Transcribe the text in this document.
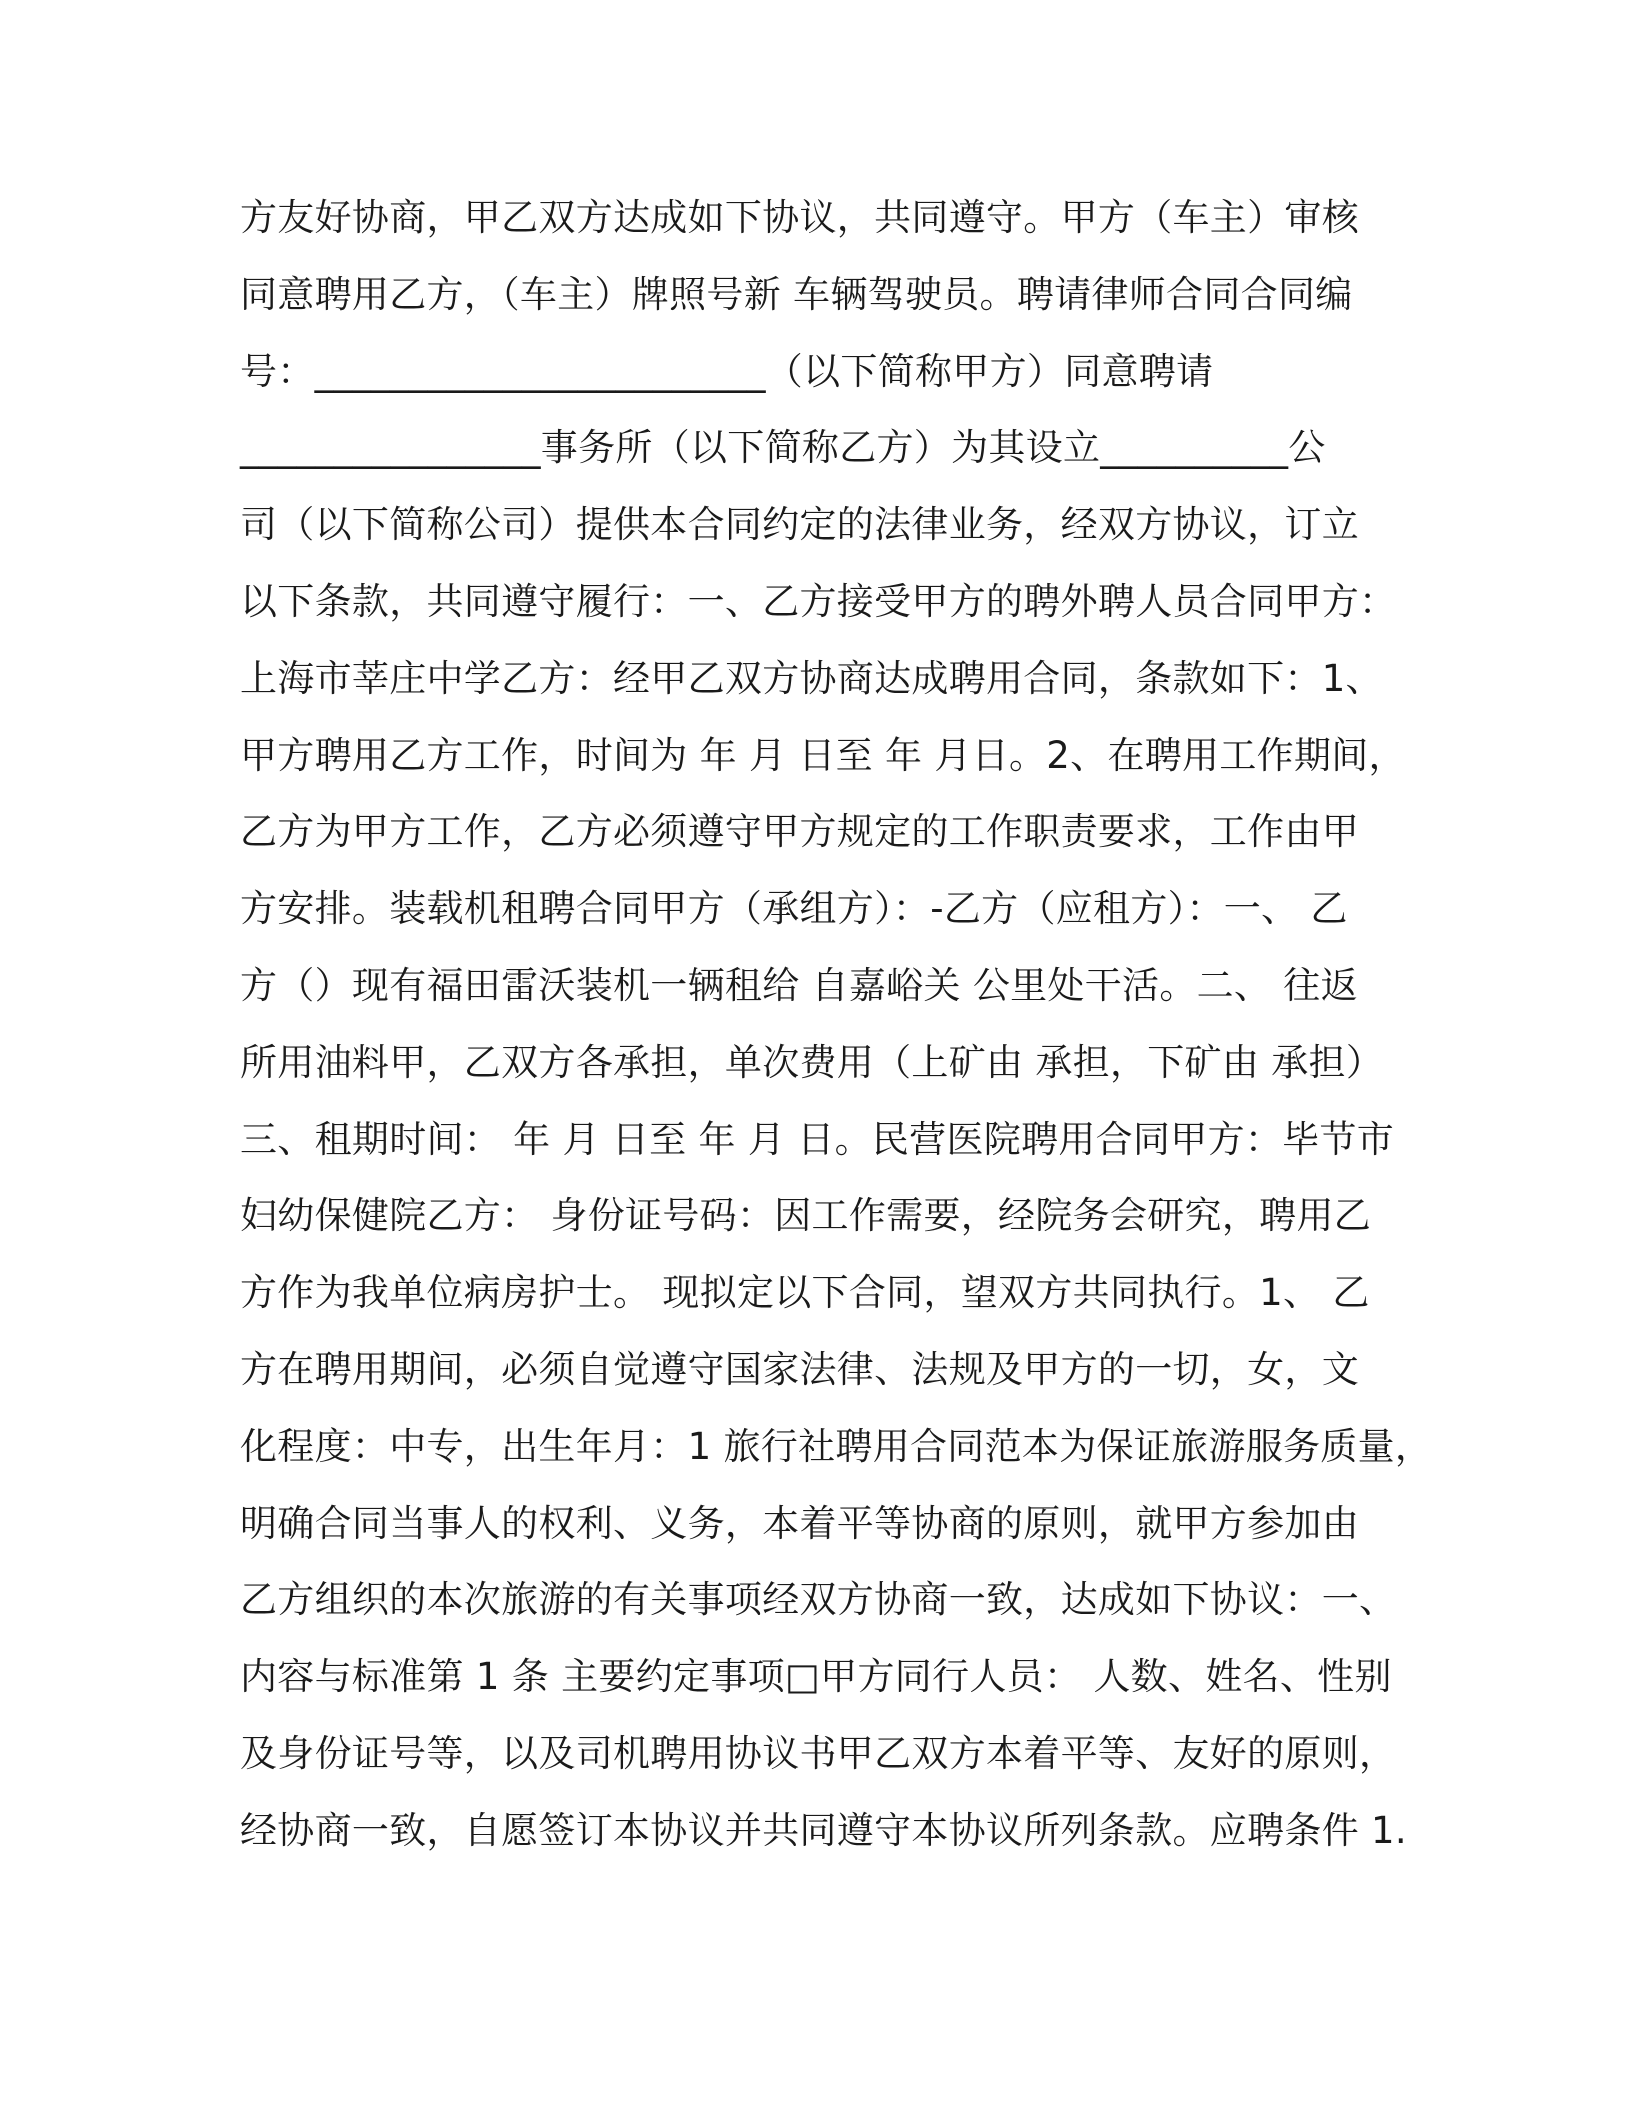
方友好协商，甲乙双方达成如下协议，共同遵守。甲方（车主）审核
同意聘用乙方，（车主）牌照号新 车辆驾驶员。聘请律师合同合同编
号：________________________（以下简称甲方）同意聘请
________________事务所（以下简称乙方）为其设立__________公
司（以下简称公司）提供本合同约定的法律业务，经双方协议，订立
以下条款，共同遵守履行：一、乙方接受甲方的聘外聘人员合同甲方：
上海市莘庄中学乙方：经甲乙双方协商达成聘用合同，条款如下：1、
甲方聘用乙方工作，时间为 年 月 日至 年 月日。2、在聘用工作期间，
乙方为甲方工作，乙方必须遵守甲方规定的工作职责要求，工作由甲
方安排。装载机租聘合同甲方（承组方）：-乙方（应租方）：一、 乙
方（）现有福田雷沃装机一辆租给 自嘉峪关 公里处干活。二、 往返
所用油料甲，乙双方各承担，单次费用（上矿由 承担，下矿由 承担）
三、租期时间： 年 月 日至 年 月 日。民营医院聘用合同甲方：毕节市
妇幼保健院乙方： 身份证号码：因工作需要，经院务会研究，聘用乙
方作为我单位病房护士。 现拟定以下合同，望双方共同执行。1、 乙
方在聘用期间，必须自觉遵守国家法律、法规及甲方的一切，女，文
化程度：中专，出生年月：1 旅行社聘用合同范本为保证旅游服务质量，
明确合同当事人的权利、义务，本着平等协商的原则，就甲方参加由
乙方组织的本次旅游的有关事项经双方协商一致，达成如下协议：一、
内容与标准第 1 条 主要约定事项□甲方同行人员： 人数、姓名、性别
及身份证号等，以及司机聘用协议书甲乙双方本着平等、友好的原则，
经协商一致，自愿签订本协议并共同遵守本协议所列条款。应聘条件 1.
